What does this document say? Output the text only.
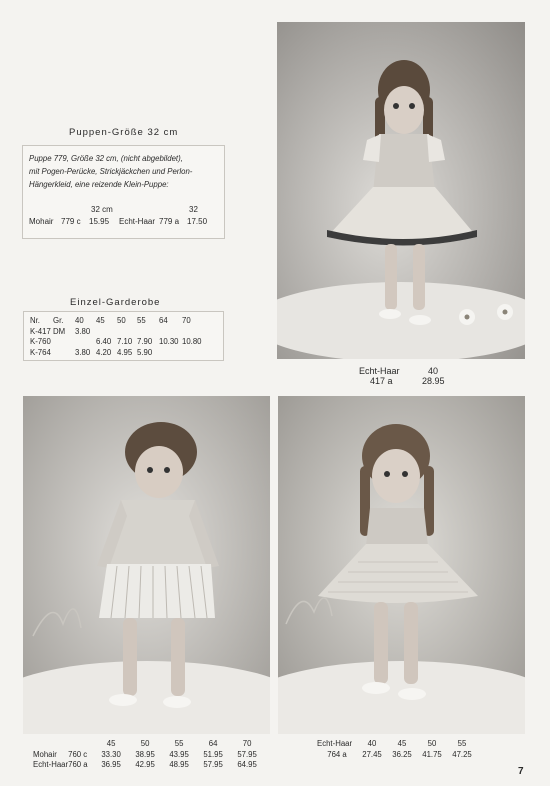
Puppen-Größe 32 cm
Puppe 779, Größe 32 cm, (nicht abgebildet),
mit Pogen-Perücke, Strickjäckchen und Perlon-
Hängerkleid, eine reizende Klein-Puppe:
32 cm	32
Mohair 779 c 15.95 Echt-Haar 779 a 17.50
Einzel-Garderobe
Nr.	Gr.	40	45	50	55	64	70
K-417	DM	3.80					
K-760			6.40	7.10	7.90	10.30	10.80
K-764		3.80	4.20	4.95	5.90		
Echt-Haar	40
417 a	28.95
		45	50	55	64	70
Mohair	760 c	33.30	38.95	43.95	51.95	57.95
Echt-Haar	760 a	36.95	42.95	48.95	57.95	64.95
Echt-Haar	40	45	50	55
764 a	27.45	36.25	41.75	47.25
7
